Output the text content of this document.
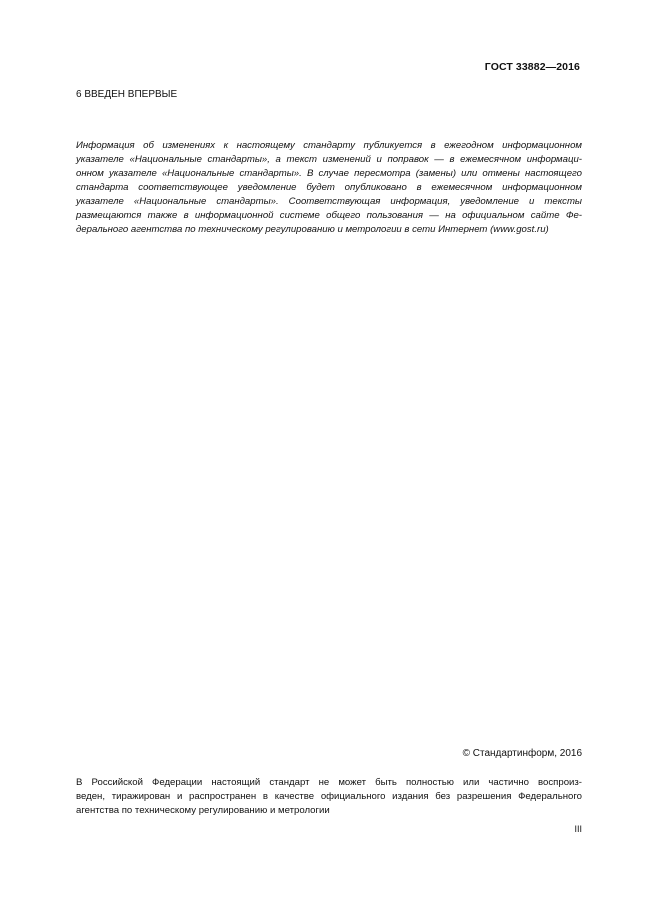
ГОСТ 33882—2016
6 ВВЕДЕН ВПЕРВЫЕ
Информация об изменениях к настоящему стандарту публикуется в ежегодном информационном
указателе «Национальные стандарты», а текст изменений и поправок — в ежемесячном информаци-
онном указателе «Национальные стандарты». В случае пересмотра (замены) или отмены настоящего
стандарта соответствующее уведомление будет опубликовано в ежемесячном информационном
указателе «Национальные стандарты». Соответствующая информация, уведомление и тексты
размещаются также в информационной системе общего пользования — на официальном сайте Фе-
дерального агентства по техническому регулированию и метрологии в сети Интернет (www.gost.ru)
© Стандартинформ, 2016
В Российской Федерации настоящий стандарт не может быть полностью или частично воспроиз-
веден, тиражирован и распространен в качестве официального издания без разрешения Федерального
агентства по техническому регулированию и метрологии
III
